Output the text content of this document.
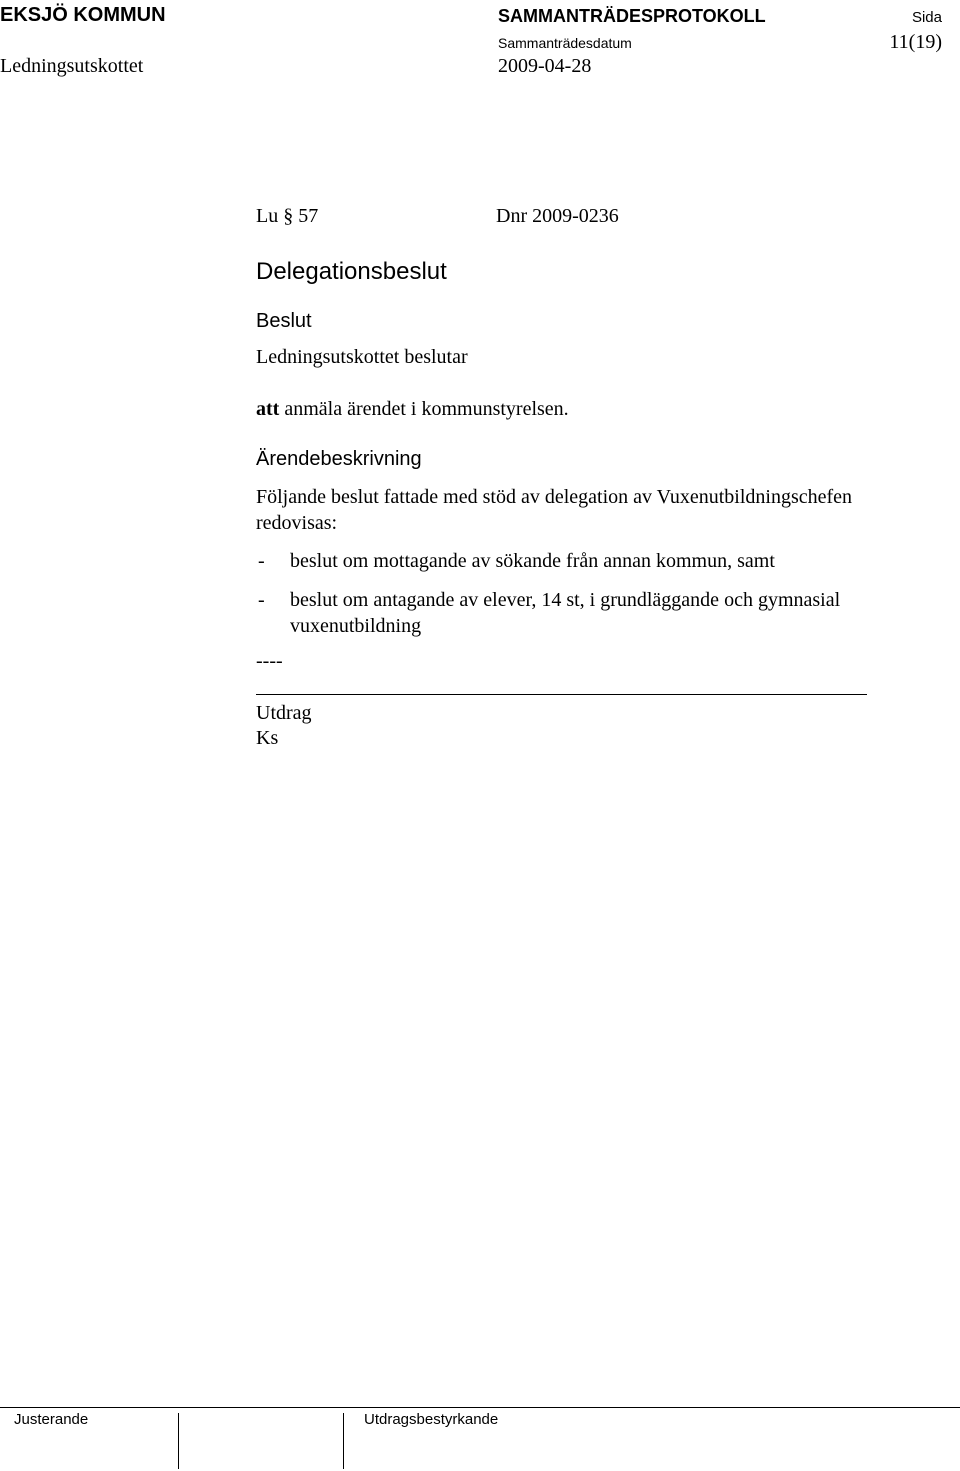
EKSJÖ KOMMUN	SAMMANTRÄDESPROTOKOLL	Sida
Sammanträdesdatum	11(19)
Ledningsutskottet	2009-04-28
Lu § 57	Dnr 2009-0236
Delegationsbeslut
Beslut
Ledningsutskottet beslutar
att anmäla ärendet i kommunstyrelsen.
Ärendebeskrivning
Följande beslut fattade med stöd av delegation av Vuxenutbildningschefen
redovisas:
- beslut om mottagande av sökande från annan kommun, samt
- beslut om antagande av elever, 14 st, i grundläggande och gymnasial
vuxenutbildning
----
Utdrag
Ks
Justerande	Utdragsbestyrkande
